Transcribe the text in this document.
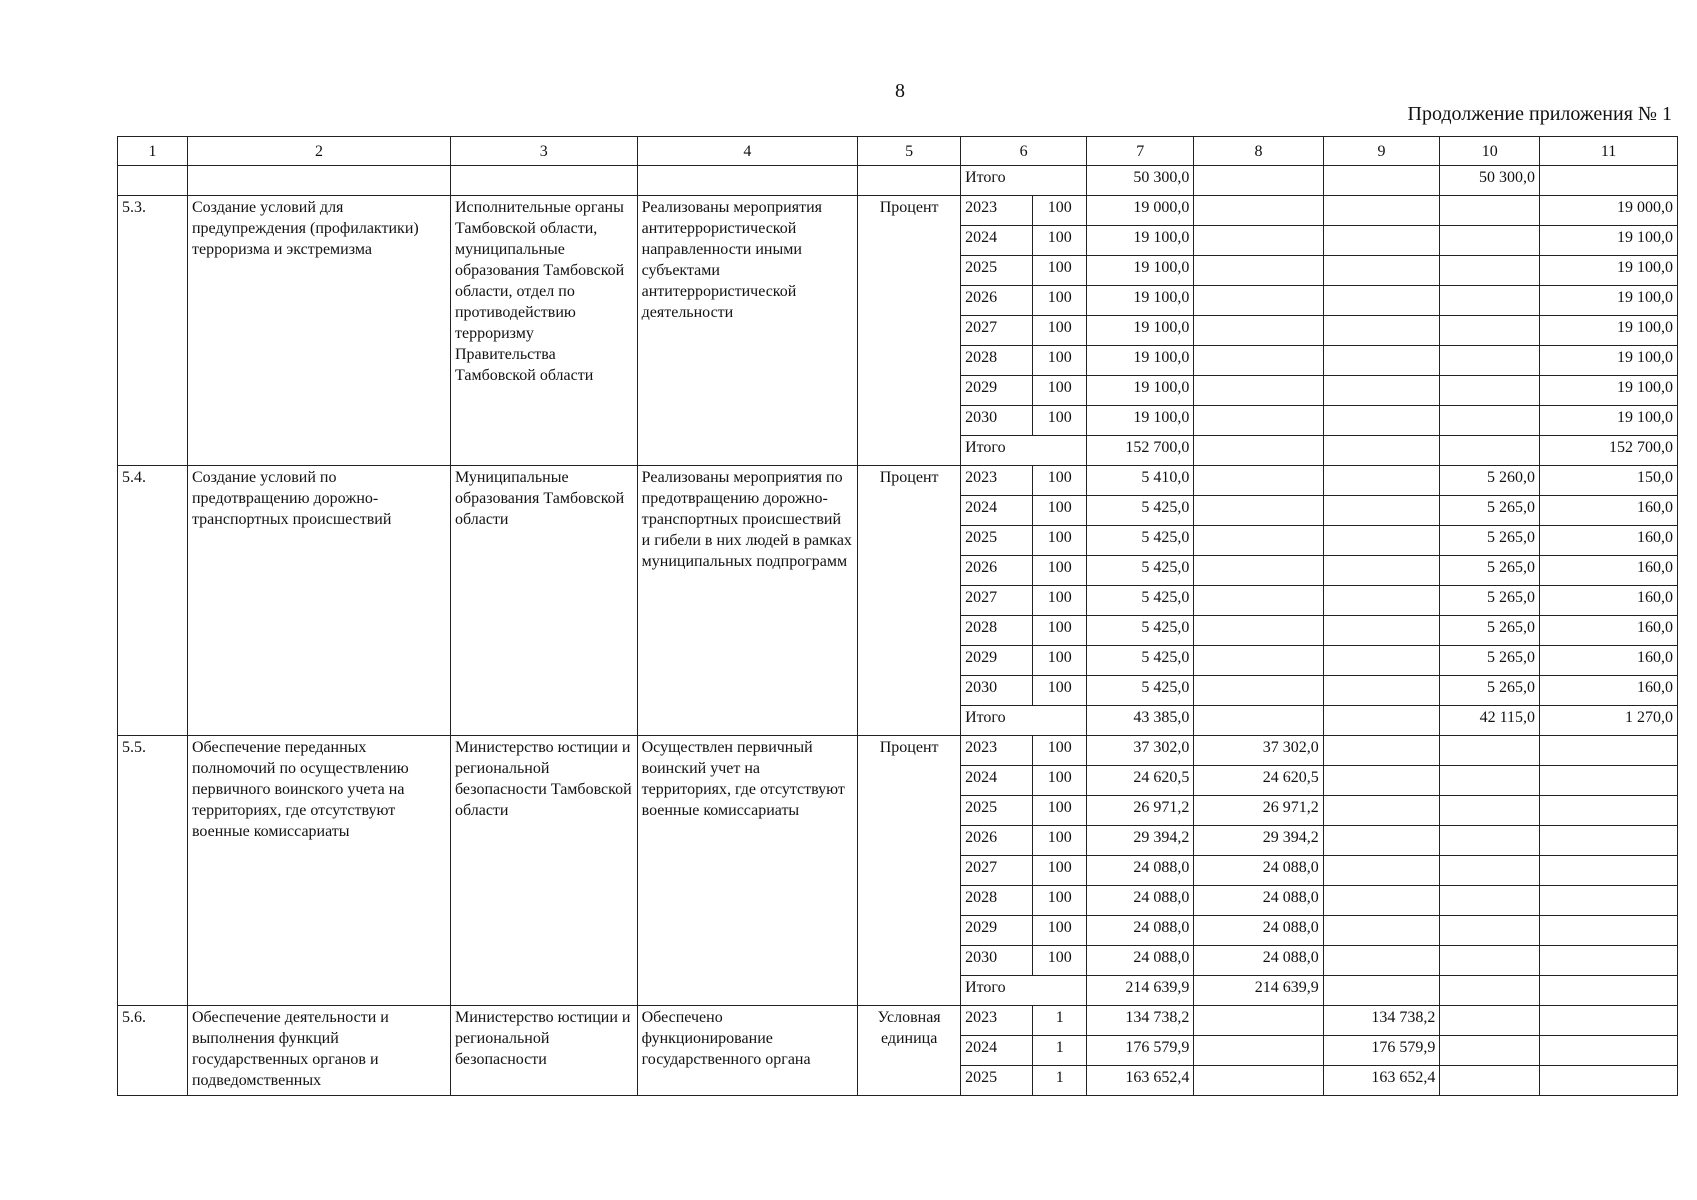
8
Продолжение приложения № 1
1	2	3	4	5	6		7	8	9	10	11
					Итого		50 300,0			50 300,0	
5.3.	Создание условий для предупреждения (профилактики) терроризма и экстремизма	Исполнительные органы Тамбовской области, муниципальные образования Тамбовской области, отдел по противодействию терроризму Правительства Тамбовской области	Реализованы мероприятия антитеррористической направленности иными субъектами антитеррористической деятельности	Процент	2023	100	19 000,0				19 000,0
					2024	100	19 100,0				19 100,0
					2025	100	19 100,0				19 100,0
					2026	100	19 100,0				19 100,0
					2027	100	19 100,0				19 100,0
					2028	100	19 100,0				19 100,0
					2029	100	19 100,0				19 100,0
					2030	100	19 100,0				19 100,0
					Итого		152 700,0				152 700,0
5.4.	Создание условий по предотвращению дорожно-транспортных происшествий	Муниципальные образования Тамбовской области	Реализованы мероприятия по предотвращению дорожно-транспортных происшествий и гибели в них людей в рамках муниципальных подпрограмм	Процент	2023	100	5 410,0			5 260,0	150,0
					2024	100	5 425,0			5 265,0	160,0
					2025	100	5 425,0			5 265,0	160,0
					2026	100	5 425,0			5 265,0	160,0
					2027	100	5 425,0			5 265,0	160,0
					2028	100	5 425,0			5 265,0	160,0
					2029	100	5 425,0			5 265,0	160,0
					2030	100	5 425,0			5 265,0	160,0
					Итого		43 385,0			42 115,0	1 270,0
5.5.	Обеспечение переданных полномочий по осуществлению первичного воинского учета на территориях, где отсутствуют военные комиссариаты	Министерство юстиции и региональной безопасности Тамбовской области	Осуществлен первичный воинский учет на территориях, где отсутствуют военные комиссариаты	Процент	2023	100	37 302,0	37 302,0			
					2024	100	24 620,5	24 620,5			
					2025	100	26 971,2	26 971,2			
					2026	100	29 394,2	29 394,2			
					2027	100	24 088,0	24 088,0			
					2028	100	24 088,0	24 088,0			
					2029	100	24 088,0	24 088,0			
					2030	100	24 088,0	24 088,0			
					Итого		214 639,9	214 639,9			
5.6.	Обеспечение деятельности и выполнения функций государственных органов и подведомственных	Министерство юстиции и региональной безопасности	Обеспечено функционирование государственного органа	Условная единица	2023	1	134 738,2		134 738,2		
					2024	1	176 579,9		176 579,9		
					2025	1	163 652,4		163 652,4		
